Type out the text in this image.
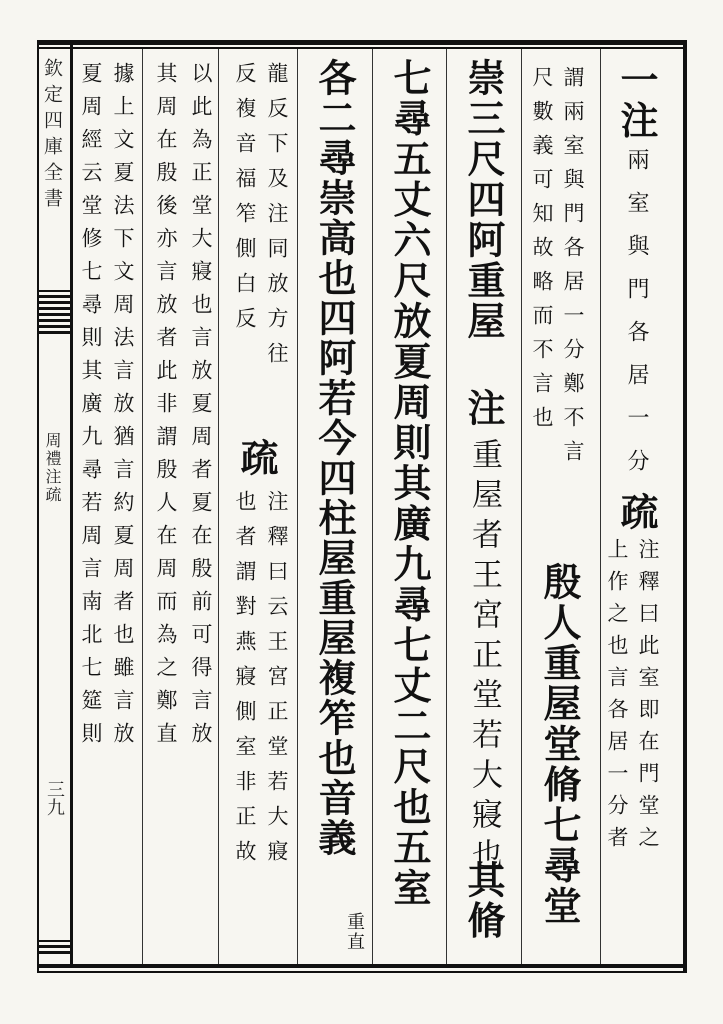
欽定四庫全書
周禮注疏
三九
一注
兩室與門各居一分
疏
注釋曰此室即在門堂之
上作之也言各居一分者
謂兩室與門各居一分鄭不言
尺數義可知故略而不言也
殷人重屋堂脩七尋堂
崇三尺四阿重屋
注
重屋者王宮正堂若大寢也
其脩
七尋五丈六尺放夏周則其廣九尋七丈二尺也五室
各二尋崇高也四阿若今四柱屋重屋複笮也音義
重直
龍反下及注同放方往
反複音福笮側白反
疏
注釋曰云王宮正堂若大寢
也者謂對燕寢側室非正故
以此為正堂大寢也言放夏周者夏在殷前可得言放
其周在殷後亦言放者此非謂殷人在周而為之鄭直
據上文夏法下文周法言放猶言約夏周者也雖言放
夏周經云堂修七尋則其廣九尋若周言南北七筵則
